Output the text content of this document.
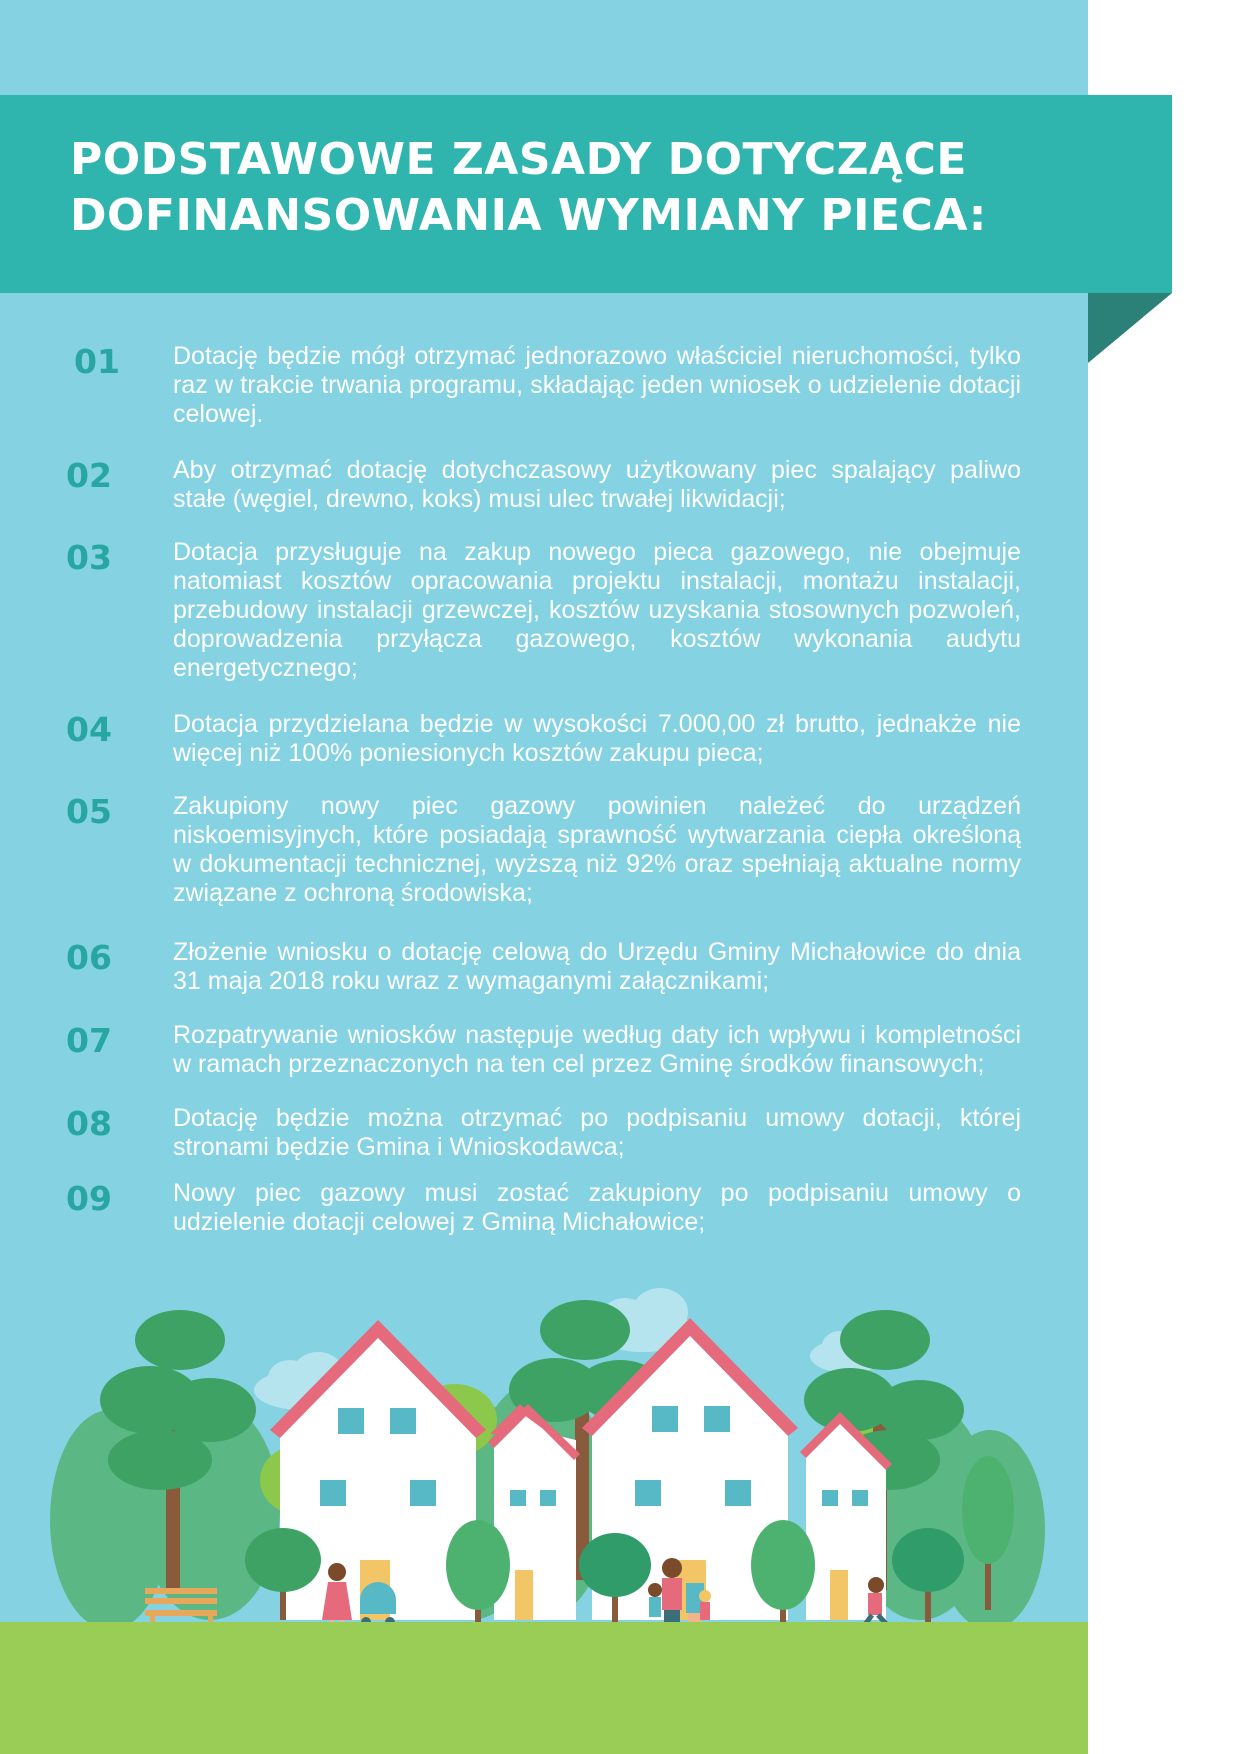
PODSTAWOWE ZASADY DOTYCZĄCE
DOFINANSOWANIA WYMIANY PIECA:
01	Dotację będzie mógł otrzymać jednorazowo właściciel nieruchomości, tylko raz w trakcie trwania programu, składając jeden wniosek o udzielenie dotacji celowej.

02	Aby otrzymać dotację dotychczasowy użytkowany piec spalający paliwo stałe (węgiel, drewno, koks) musi ulec trwałej likwidacji;

03	Dotacja przysługuje na zakup nowego pieca gazowego, nie obejmuje natomiast kosztów opracowania projektu instalacji, montażu instalacji, przebudowy instalacji grzewczej, kosztów uzyskania stosownych pozwoleń, doprowadzenia przyłącza gazowego, kosztów wykonania audytu energetycznego;

04	Dotacja przydzielana będzie w wysokości 7.000,00 zł brutto, jednakże nie więcej niż 100% poniesionych kosztów zakupu pieca;

05	Zakupiony nowy piec gazowy powinien należeć do urządzeń niskoemisyjnych, które posiadają sprawność wytwarzania ciepła określoną w dokumentacji technicznej, wyższą niż 92% oraz spełniają aktualne normy związane z ochroną środowiska;

06	Złożenie wniosku o dotację celową do Urzędu Gminy Michałowice do dnia 31 maja 2018 roku wraz z wymaganymi załącznikami;

07	Rozpatrywanie wniosków następuje według daty ich wpływu i kompletności w ramach przeznaczonych na ten cel przez Gminę środków finansowych;

08	Dotację będzie można otrzymać po podpisaniu umowy dotacji, której stronami będzie Gmina i Wnioskodawca;

09	Nowy piec gazowy musi zostać zakupiony po podpisaniu umowy o udzielenie dotacji celowej z Gminą Michałowice;
